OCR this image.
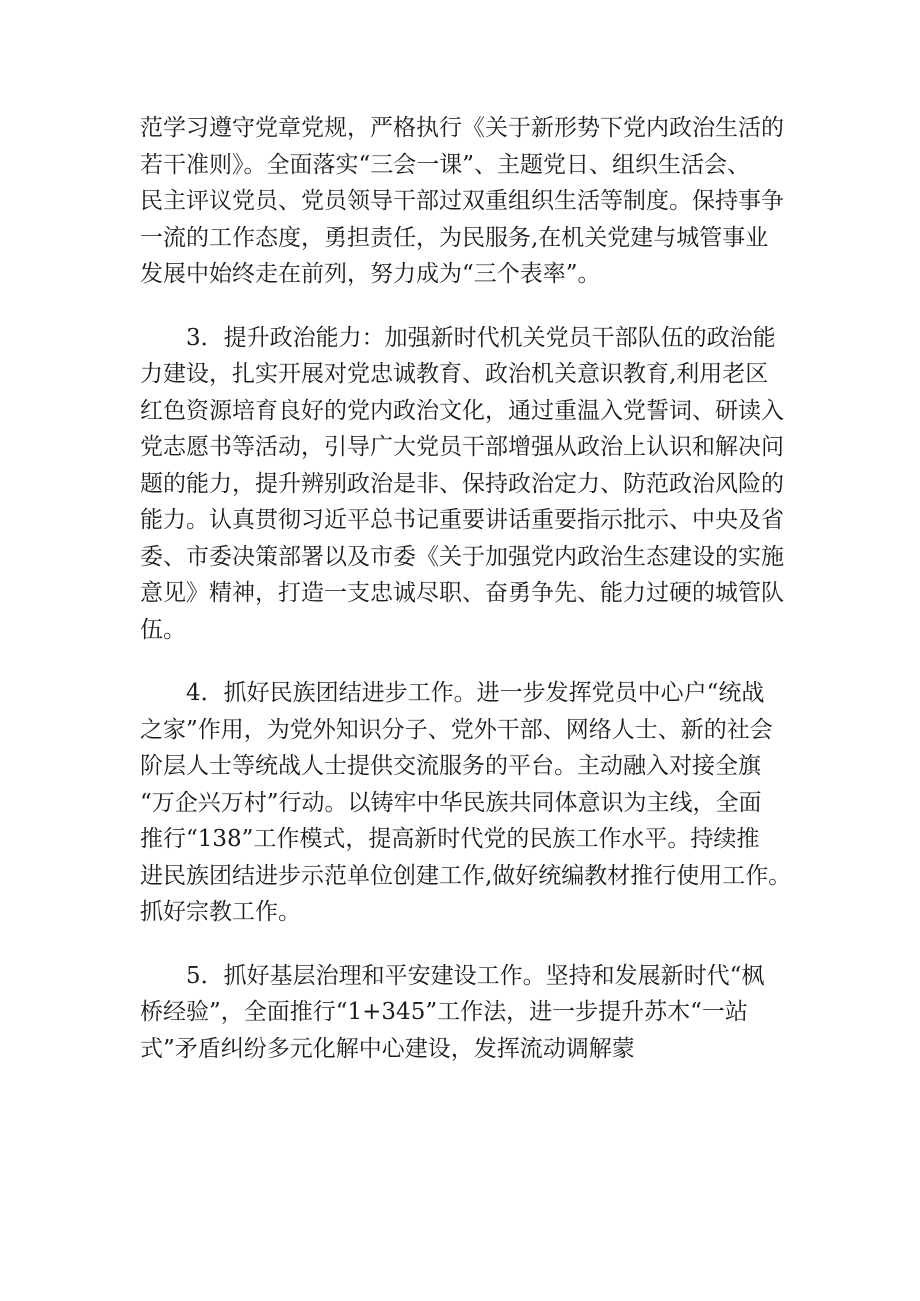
范学习遵守党章党规，严格执行《关于新形势下党内政治生活的
若干准则》。全面落实“三会一课”、主题党日、组织生活会、
民主评议党员、党员领导干部过双重组织生活等制度。保持事争
一流的工作态度，勇担责任，为民服务,在机关党建与城管事业
发展中始终走在前列，努力成为“三个表率”。
3．提升政治能力：加强新时代机关党员干部队伍的政治能
力建设，扎实开展对党忠诚教育、政治机关意识教育,利用老区
红色资源培育良好的党内政治文化，通过重温入党誓词、研读入
党志愿书等活动，引导广大党员干部增强从政治上认识和解决问
题的能力，提升辨别政治是非、保持政治定力、防范政治风险的
能力。认真贯彻习近平总书记重要讲话重要指示批示、中央及省
委、市委决策部署以及市委《关于加强党内政治生态建设的实施
意见》精神，打造一支忠诚尽职、奋勇争先、能力过硬的城管队
伍。
4．抓好民族团结进步工作。进一步发挥党员中心户“统战
之家”作用，为党外知识分子、党外干部、网络人士、新的社会
阶层人士等统战人士提供交流服务的平台。主动融入对接全旗
“万企兴万村”行动。以铸牢中华民族共同体意识为主线，全面
推行“138”工作模式，提高新时代党的民族工作水平。持续推
进民族团结进步示范单位创建工作,做好统编教材推行使用工作。
抓好宗教工作。
5．抓好基层治理和平安建设工作。坚持和发展新时代“枫
桥经验”，全面推行“1+345”工作法，进一步提升苏木“一站
式”矛盾纠纷多元化解中心建设，发挥流动调解蒙
